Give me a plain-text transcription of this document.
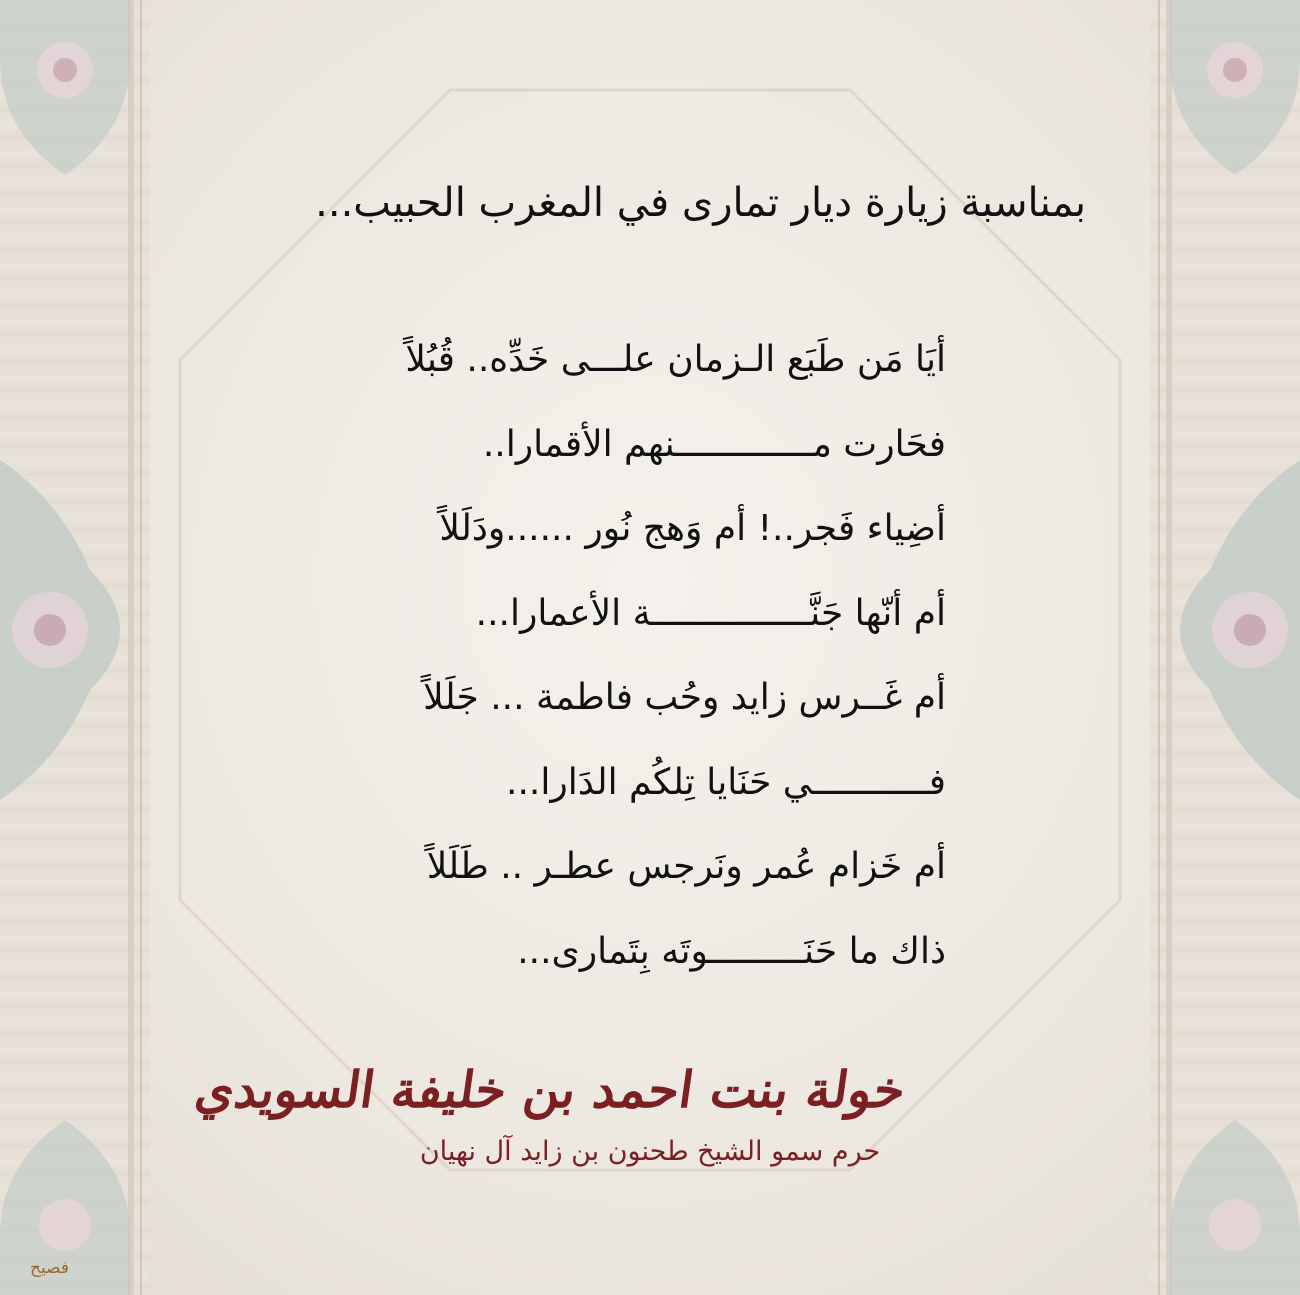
بمناسبة زيارة ديار تمارى في المغرب الحبيب...
أيَا مَن طَبَع الـزمان علـــى خَدِّه.. قُبُلاً
فحَارت مـــــــــــــنهم الأقمارا..
أضِياء فَجر..! أم وَهج نُور ......ودَلَلاً
أم أنّها جَنَّـــــــــــــــة الأعمارا...
أم غَــرس زايد وحُب فاطمة ... جَلَلاً
فـــــــــــي حَنَايا تِلكُم الدَارا...
أم خَزام عُمر ونَرجس عطـر .. طَلَلاً
ذاك ما حَنَـــــــــوتَه بِتَمارى...
خولة بنت احمد بن خليفة السويدي
حرم سمو الشيخ طحنون بن زايد آل نهيان
فصيح
